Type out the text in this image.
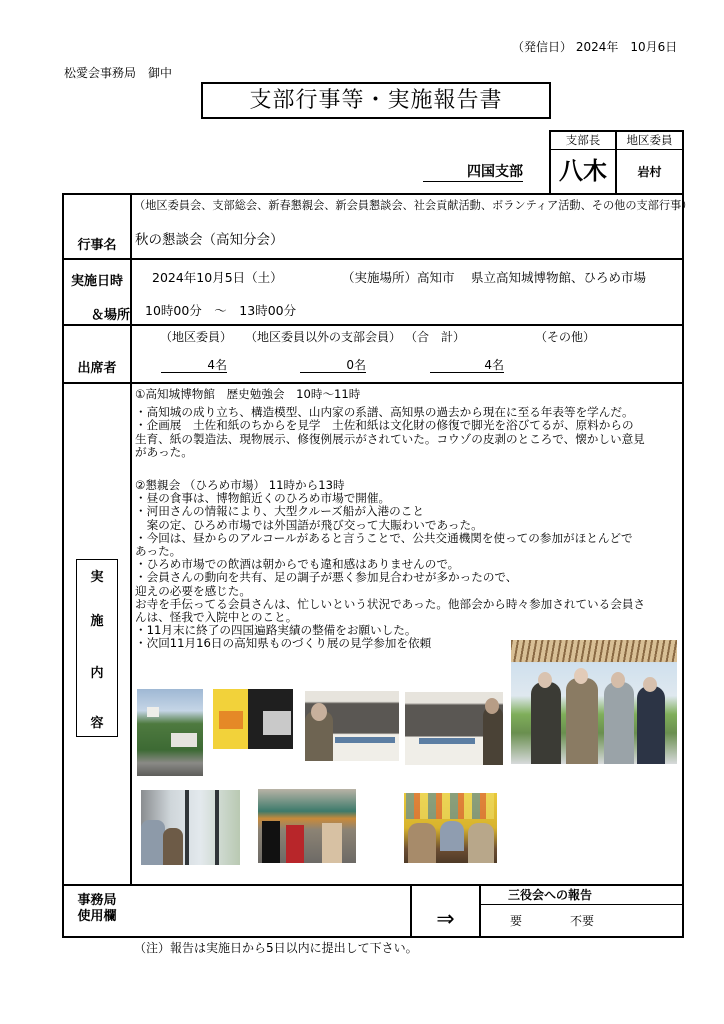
（発信日） 2024年　10月6日
松愛会事務局　御中
支部行事等・実施報告書
四国支部
支部長	地区委員
八木	岩村
（地区委員会、支部総会、新春懇親会、新会員懇談会、社会貢献活動、ボランティア活動、その他の支部行事）
行事名	秋の懇談会（高知分会）
実施日時
＆場所
2024年10月5日（土）	（実施場所）高知市　 県立高知城博物館、ひろめ市場
10時00分　～　13時00分
出席者
（地区委員） （地区委員以外の支部会員） （合　計）	（その他）
4名	0名	4名
実
施
内
容
①高知城博物館　歴史勉強会　10時～11時
・高知城の成り立ち、構造模型、山内家の系譜、高知県の過去から現在に至る年表等を学んだ。
・企画展　土佐和紙のちからを見学　土佐和紙は文化財の修復で脚光を浴びてるが、原料からの
生育、紙の製造法、現物展示、修復例展示がされていた。コウゾの皮剥のところで、懐かしい意見
があった。
②懇親会 （ひろめ市場） 11時から13時
・昼の食事は、博物館近くのひろめ市場で開催。
・河田さんの情報により、大型クルーズ船が入港のこと
　案の定、ひろめ市場では外国語が飛び交って大賑わいであった。
・今回は、昼からのアルコールがあると言うことで、公共交通機関を使っての参加がほとんどで
あった。
・ひろめ市場での飲酒は朝からでも違和感はありませんので。
・会員さんの動向を共有、足の調子が悪く参加見合わせが多かったので、
迎えの必要を感じた。
お寺を手伝ってる会員さんは、忙しいという状況であった。他部会から時々参加されている会員さ
んは、怪我で入院中とのこと。
・11月末に終了の四国遍路実績の整備をお願いした。
・次回11月16日の高知県ものづくり展の見学参加を依頼
事務局
使用欄	⇒
三役会への報告
要	不要
（注）報告は実施日から5日以内に提出して下さい。
